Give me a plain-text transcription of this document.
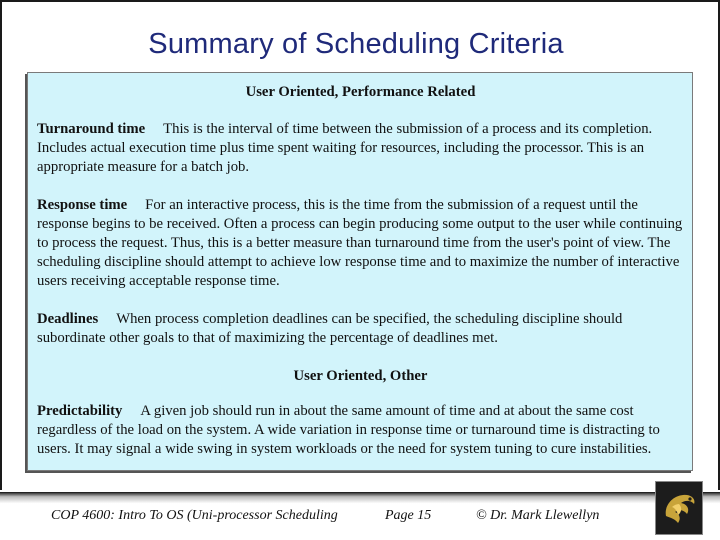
Summary of Scheduling Criteria

User Oriented, Performance Related

Turnaround time This is the interval of time between the submission of a process and its completion. Includes actual execution time plus time spent waiting for resources, including the processor. This is an appropriate measure for a batch job.

Response time For an interactive process, this is the time from the submission of a request until the response begins to be received. Often a process can begin producing some output to the user while continuing to process the request. Thus, this is a better measure than turnaround time from the user's point of view. The scheduling discipline should attempt to achieve low response time and to maximize the number of interactive users receiving acceptable response time.

Deadlines When process completion deadlines can be specified, the scheduling discipline should subordinate other goals to that of maximizing the percentage of deadlines met.

User Oriented, Other

Predictability A given job should run in about the same amount of time and at about the same cost regardless of the load on the system. A wide variation in response time or turnaround time is distracting to users. It may signal a wide swing in system workloads or the need for system tuning to cure instabilities.

COP 4600: Intro To OS (Uni-processor Scheduling	Page 15	© Dr. Mark Llewellyn
